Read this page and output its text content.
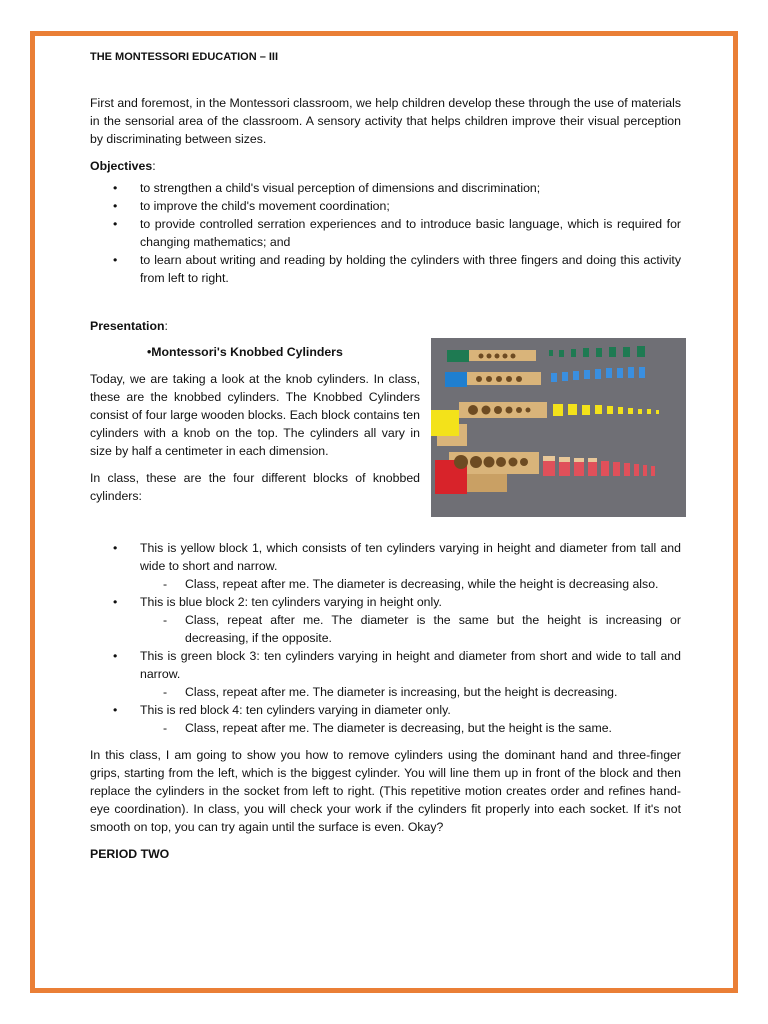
THE MONTESSORI EDUCATION – III

First and foremost, in the Montessori classroom, we help children develop these through the use of materials in the sensorial area of the classroom. A sensory activity that helps children improve their visual perception by discriminating between sizes.

Objectives:
• to strengthen a child's visual perception of dimensions and discrimination;
• to improve the child's movement coordination;
• to provide controlled serration experiences and to introduce basic language, which is required for changing mathematics; and
• to learn about writing and reading by holding the cylinders with three fingers and doing this activity from left to right.
Presentation:
•Montessori's Knobbed Cylinders

Today, we are taking a look at the knob cylinders. In class, these are the knobbed cylinders. The Knobbed Cylinders consist of four large wooden blocks. Each block contains ten cylinders with a knob on the top. The cylinders all vary in size by half a centimeter in each dimension.

In class, these are the four different blocks of knobbed cylinders:

• This is yellow block 1, which consists of ten cylinders varying in height and diameter from tall and wide to short and narrow.
- Class, repeat after me. The diameter is decreasing, while the height is decreasing also.
• This is blue block 2: ten cylinders varying in height only.
- Class, repeat after me. The diameter is the same but the height is increasing or decreasing, if the opposite.
• This is green block 3: ten cylinders varying in height and diameter from short and wide to tall and narrow.
- Class, repeat after me. The diameter is increasing, but the height is decreasing.
• This is red block 4: ten cylinders varying in diameter only.
- Class, repeat after me. The diameter is decreasing, but the height is the same.

In this class, I am going to show you how to remove cylinders using the dominant hand and three-finger grips, starting from the left, which is the biggest cylinder. You will line them up in front of the block and then replace the cylinders in the socket from left to right. (This repetitive motion creates order and refines hand-eye coordination). In class, you will check your work if the cylinders fit properly into each socket. If it's not smooth on top, you can try again until the surface is even. Okay?

PERIOD TWO
